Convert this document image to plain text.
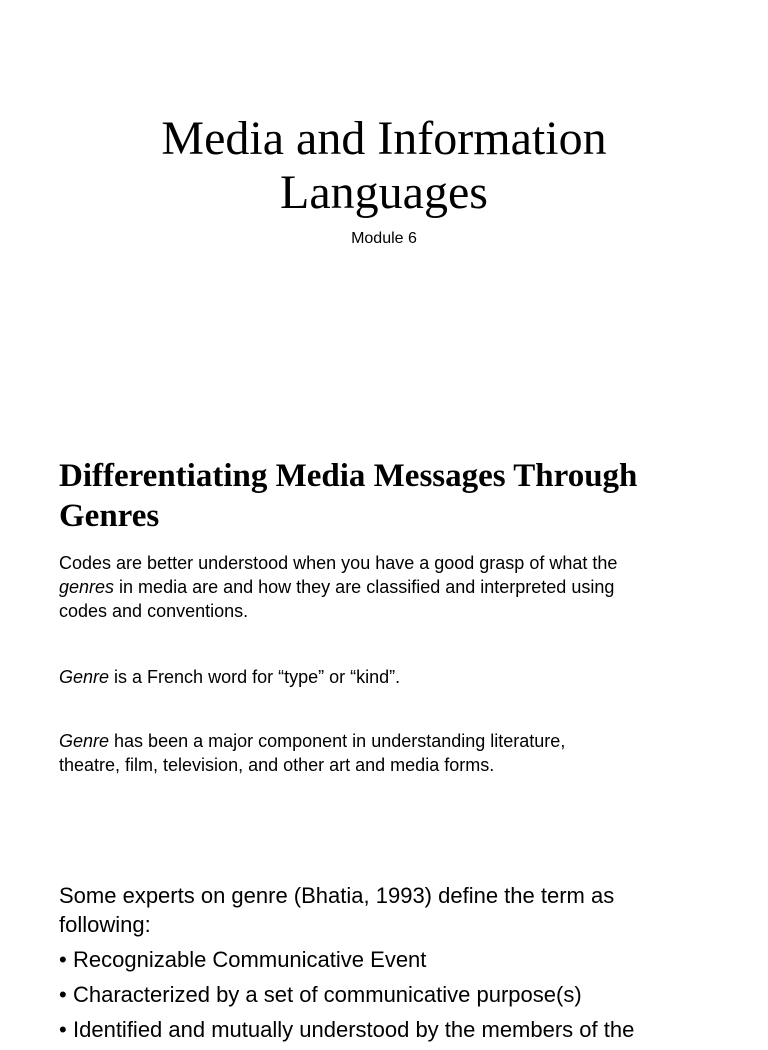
Media and Information
Languages

Module 6

Differentiating Media Messages Through
Genres

Codes are better understood when you have a good grasp of what the
genres in media are and how they are classified and interpreted using
codes and conventions.

Genre is a French word for “type” or “kind”.

Genre has been a major component in understanding literature,
theatre, film, television, and other art and media forms.

Some experts on genre (Bhatia, 1993) define the term as
following:

• Recognizable Communicative Event
• Characterized by a set of communicative purpose(s)
• Identified and mutually understood by the members of the
